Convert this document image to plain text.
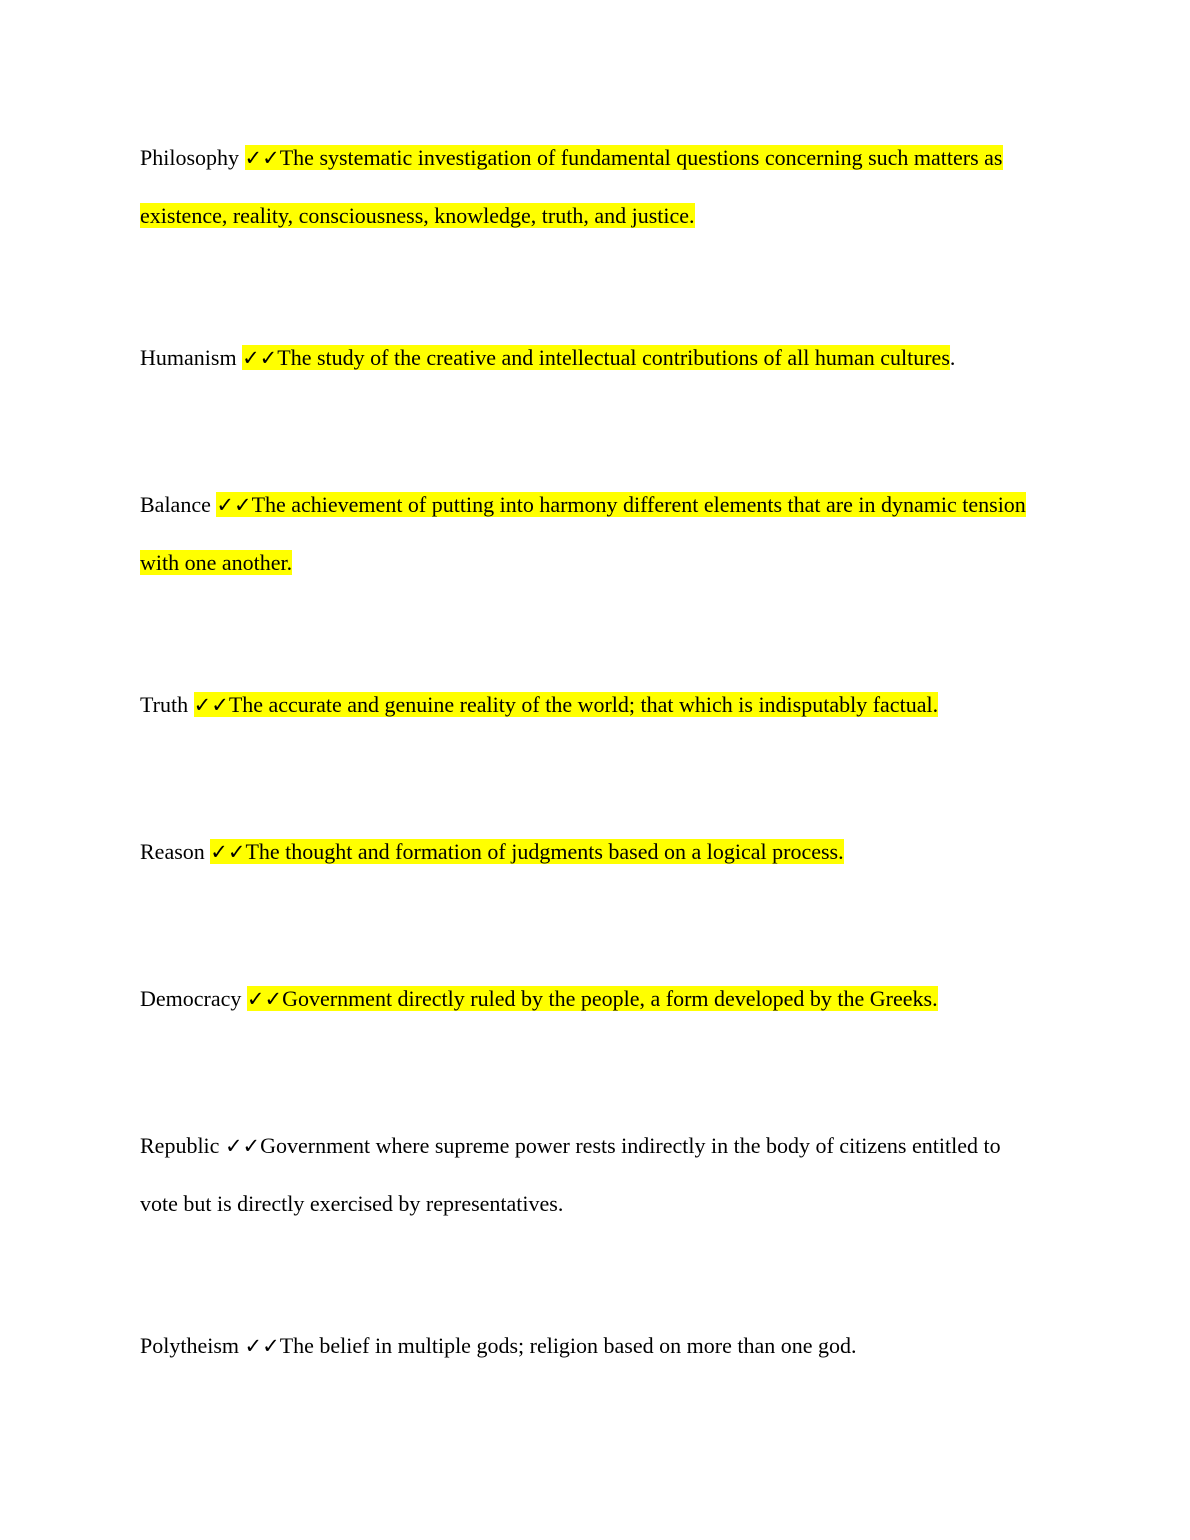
Philosophy ✓✓The systematic investigation of fundamental questions concerning such matters as existence, reality, consciousness, knowledge, truth, and justice.

Humanism ✓✓The study of the creative and intellectual contributions of all human cultures.

Balance ✓✓The achievement of putting into harmony different elements that are in dynamic tension with one another.

Truth ✓✓The accurate and genuine reality of the world; that which is indisputably factual.

Reason ✓✓The thought and formation of judgments based on a logical process.

Democracy ✓✓Government directly ruled by the people, a form developed by the Greeks.

Republic ✓✓Government where supreme power rests indirectly in the body of citizens entitled to vote but is directly exercised by representatives.

Polytheism ✓✓The belief in multiple gods; religion based on more than one god.
